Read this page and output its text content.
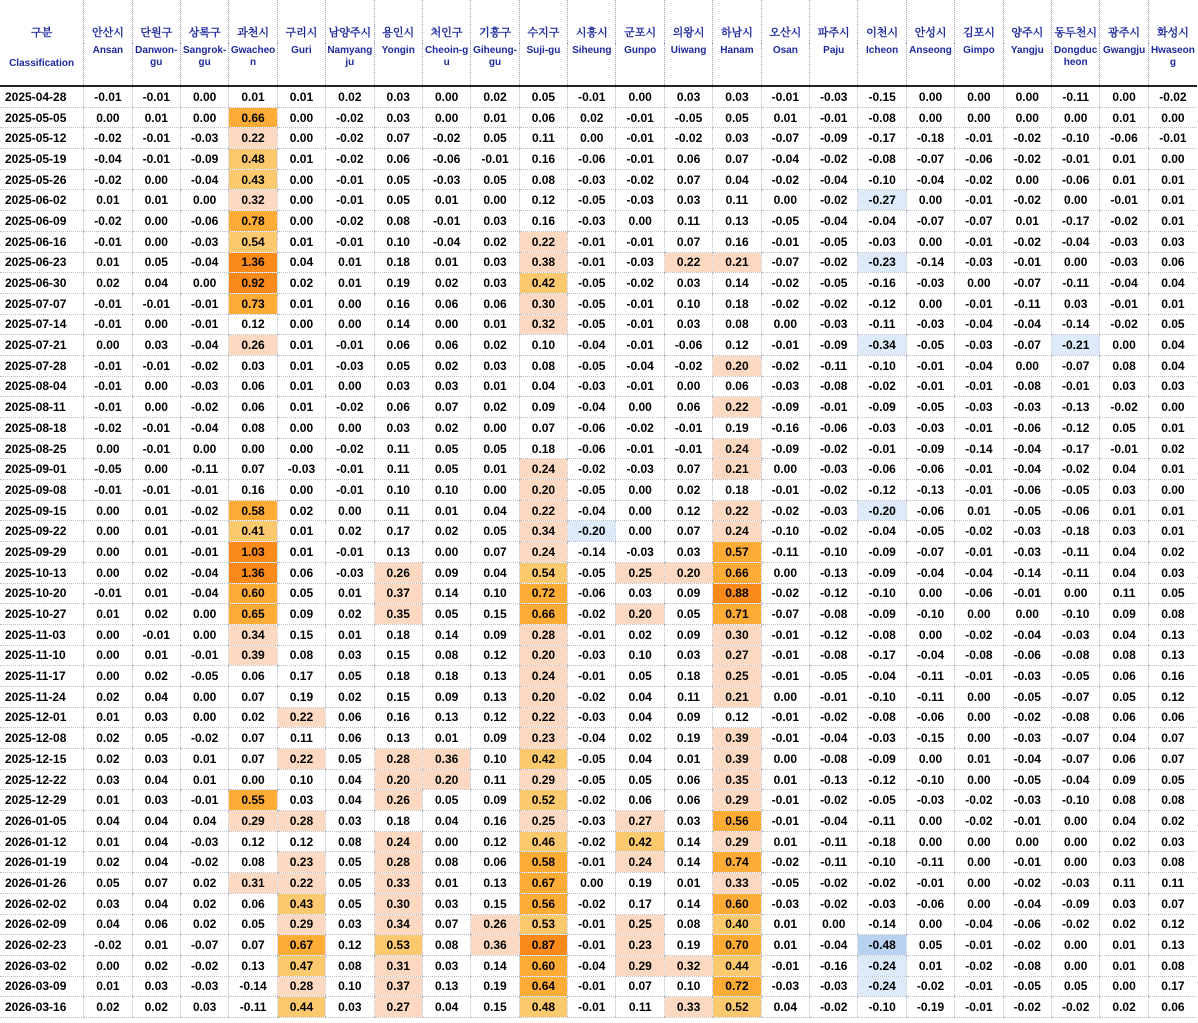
구분	안산시	단원구	상록구	과천시	구리시	남양주시	용인시	처인구	기흥구	수지구	시흥시	군포시	의왕시	하남시	오산시	파주시	이천시	안성시	김포시	양주시	동두천시	광주시	화성시
Classification	Ansan	Danwon-gu	Sangrok-gu	Gwacheon	Guri	Namyangju	Yongin	Cheoin-gu	Giheung-gu	Suji-gu	Siheung	Gunpo	Uiwang	Hanam	Osan	Paju	Icheon	Anseong	Gimpo	Yangju	Dongducheon	Gwangju	Hwaseong
2025-04-28	-0.01	-0.01	0.00	0.01	0.01	0.02	0.03	0.00	0.02	0.05	-0.01	0.00	0.03	0.03	-0.01	-0.03	-0.15	0.00	0.00	0.00	-0.11	0.00	-0.02
2025-05-05	0.00	0.01	0.00	0.66	0.00	-0.02	0.03	0.00	0.01	0.06	0.02	-0.01	-0.05	0.05	0.01	-0.01	-0.08	0.00	0.00	0.00	0.00	0.01	0.00
2025-05-12	-0.02	-0.01	-0.03	0.22	0.00	-0.02	0.07	-0.02	0.05	0.11	0.00	-0.01	-0.02	0.03	-0.07	-0.09	-0.17	-0.18	-0.01	-0.02	-0.10	-0.06	-0.01
2025-05-19	-0.04	-0.01	-0.09	0.48	0.01	-0.02	0.06	-0.06	-0.01	0.16	-0.06	-0.01	0.06	0.07	-0.04	-0.02	-0.08	-0.07	-0.06	-0.02	-0.01	0.01	0.00
2025-05-26	-0.02	0.00	-0.04	0.43	0.00	-0.01	0.05	-0.03	0.05	0.08	-0.03	-0.02	0.07	0.04	-0.02	-0.04	-0.10	-0.04	-0.02	0.00	-0.06	0.01	0.01
2025-06-02	0.01	0.01	0.00	0.32	0.00	-0.01	0.05	0.01	0.00	0.12	-0.05	-0.03	0.03	0.11	0.00	-0.02	-0.27	0.00	-0.01	-0.02	0.00	-0.01	0.01
2025-06-09	-0.02	0.00	-0.06	0.78	0.00	-0.02	0.08	-0.01	0.03	0.16	-0.03	0.00	0.11	0.13	-0.05	-0.04	-0.04	-0.07	-0.07	0.01	-0.17	-0.02	0.01
2025-06-16	-0.01	0.00	-0.03	0.54	0.01	-0.01	0.10	-0.04	0.02	0.22	-0.01	-0.01	0.07	0.16	-0.01	-0.05	-0.03	0.00	-0.01	-0.02	-0.04	-0.03	0.03
2025-06-23	0.01	0.05	-0.04	1.36	0.04	0.01	0.18	0.01	0.03	0.38	-0.01	-0.03	0.22	0.21	-0.07	-0.02	-0.23	-0.14	-0.03	-0.01	0.00	-0.03	0.06
2025-06-30	0.02	0.04	0.00	0.92	0.02	0.01	0.19	0.02	0.03	0.42	-0.05	-0.02	0.03	0.14	-0.02	-0.05	-0.16	-0.03	0.00	-0.07	-0.11	-0.04	0.04
2025-07-07	-0.01	-0.01	-0.01	0.73	0.01	0.00	0.16	0.06	0.06	0.30	-0.05	-0.01	0.10	0.18	-0.02	-0.02	-0.12	0.00	-0.01	-0.11	0.03	-0.01	0.01
2025-07-14	-0.01	0.00	-0.01	0.12	0.00	0.00	0.14	0.00	0.01	0.32	-0.05	-0.01	0.03	0.08	0.00	-0.03	-0.11	-0.03	-0.04	-0.04	-0.14	-0.02	0.05
2025-07-21	0.00	0.03	-0.04	0.26	0.01	-0.01	0.06	0.06	0.02	0.10	-0.04	-0.01	-0.06	0.12	-0.01	-0.09	-0.34	-0.05	-0.03	-0.07	-0.21	0.00	0.04
2025-07-28	-0.01	-0.01	-0.02	0.03	0.01	-0.03	0.05	0.02	0.03	0.08	-0.05	-0.04	-0.02	0.20	-0.02	-0.11	-0.10	-0.01	-0.04	0.00	-0.07	0.08	0.04
2025-08-04	-0.01	0.00	-0.03	0.06	0.01	0.00	0.03	0.03	0.01	0.04	-0.03	-0.01	0.00	0.06	-0.03	-0.08	-0.02	-0.01	-0.01	-0.08	-0.01	0.03	0.03
2025-08-11	-0.01	0.00	-0.02	0.06	0.01	-0.02	0.06	0.07	0.02	0.09	-0.04	0.00	0.06	0.22	-0.09	-0.01	-0.09	-0.05	-0.03	-0.03	-0.13	-0.02	0.00
2025-08-18	-0.02	-0.01	-0.04	0.08	0.00	0.00	0.03	0.02	0.00	0.07	-0.06	-0.02	-0.01	0.19	-0.16	-0.06	-0.03	-0.03	-0.01	-0.06	-0.12	0.05	0.01
2025-08-25	0.00	-0.01	0.00	0.00	0.00	-0.02	0.11	0.05	0.05	0.18	-0.06	-0.01	-0.01	0.24	-0.09	-0.02	-0.01	-0.09	-0.14	-0.04	-0.17	-0.01	0.02
2025-09-01	-0.05	0.00	-0.11	0.07	-0.03	-0.01	0.11	0.05	0.01	0.24	-0.02	-0.03	0.07	0.21	0.00	-0.03	-0.06	-0.06	-0.01	-0.04	-0.02	0.04	0.01
2025-09-08	-0.01	-0.01	-0.01	0.16	0.00	-0.01	0.10	0.10	0.00	0.20	-0.05	0.00	0.02	0.18	-0.01	-0.02	-0.12	-0.13	-0.01	-0.06	-0.05	0.03	0.00
2025-09-15	0.00	0.01	-0.02	0.58	0.02	0.00	0.11	0.01	0.04	0.22	-0.04	0.00	0.12	0.22	-0.02	-0.03	-0.20	-0.06	0.01	-0.05	-0.06	0.01	0.01
2025-09-22	0.00	0.01	-0.01	0.41	0.01	0.02	0.17	0.02	0.05	0.34	-0.20	0.00	0.07	0.24	-0.10	-0.02	-0.04	-0.05	-0.02	-0.03	-0.18	0.03	0.01
2025-09-29	0.00	0.01	-0.01	1.03	0.01	-0.01	0.13	0.00	0.07	0.24	-0.14	-0.03	0.03	0.57	-0.11	-0.10	-0.09	-0.07	-0.01	-0.03	-0.11	0.04	0.02
2025-10-13	0.00	0.02	-0.04	1.36	0.06	-0.03	0.26	0.09	0.04	0.54	-0.05	0.25	0.20	0.66	0.00	-0.13	-0.09	-0.04	-0.04	-0.14	-0.11	0.04	0.03
2025-10-20	-0.01	0.01	-0.04	0.60	0.05	0.01	0.37	0.14	0.10	0.72	-0.06	0.03	0.09	0.88	-0.02	-0.12	-0.10	0.00	-0.06	-0.01	0.00	0.11	0.05
2025-10-27	0.01	0.02	0.00	0.65	0.09	0.02	0.35	0.05	0.15	0.66	-0.02	0.20	0.05	0.71	-0.07	-0.08	-0.09	-0.10	0.00	0.00	-0.10	0.09	0.08
2025-11-03	0.00	-0.01	0.00	0.34	0.15	0.01	0.18	0.14	0.09	0.28	-0.01	0.02	0.09	0.30	-0.01	-0.12	-0.08	0.00	-0.02	-0.04	-0.03	0.04	0.13
2025-11-10	0.00	0.01	-0.01	0.39	0.08	0.03	0.15	0.08	0.12	0.20	-0.03	0.10	0.03	0.27	-0.01	-0.08	-0.17	-0.04	-0.08	-0.06	-0.08	0.08	0.13
2025-11-17	0.00	0.02	-0.05	0.06	0.17	0.05	0.18	0.18	0.13	0.24	-0.01	0.05	0.18	0.25	-0.01	-0.05	-0.04	-0.11	-0.01	-0.03	-0.05	0.06	0.16
2025-11-24	0.02	0.04	0.00	0.07	0.19	0.02	0.15	0.09	0.13	0.20	-0.02	0.04	0.11	0.21	0.00	-0.01	-0.10	-0.11	0.00	-0.05	-0.07	0.05	0.12
2025-12-01	0.01	0.03	0.00	0.02	0.22	0.06	0.16	0.13	0.12	0.22	-0.03	0.04	0.09	0.12	-0.01	-0.02	-0.08	-0.06	0.00	-0.02	-0.08	0.06	0.06
2025-12-08	0.02	0.05	-0.02	0.07	0.11	0.06	0.13	0.01	0.09	0.23	-0.04	0.02	0.19	0.39	-0.01	-0.04	-0.03	-0.15	0.00	-0.03	-0.07	0.04	0.07
2025-12-15	0.02	0.03	0.01	0.07	0.22	0.05	0.28	0.36	0.10	0.42	-0.05	0.04	0.01	0.39	0.00	-0.08	-0.09	0.00	0.01	-0.04	-0.07	0.06	0.07
2025-12-22	0.03	0.04	0.01	0.00	0.10	0.04	0.20	0.20	0.11	0.29	-0.05	0.05	0.06	0.35	0.01	-0.13	-0.12	-0.10	0.00	-0.05	-0.04	0.09	0.05
2025-12-29	0.01	0.03	-0.01	0.55	0.03	0.04	0.26	0.05	0.09	0.52	-0.02	0.06	0.06	0.29	-0.01	-0.02	-0.05	-0.03	-0.02	-0.03	-0.10	0.08	0.08
2026-01-05	0.04	0.04	0.04	0.29	0.28	0.03	0.18	0.04	0.16	0.25	-0.03	0.27	0.03	0.56	-0.01	-0.04	-0.11	0.00	-0.02	-0.01	0.00	0.04	0.02
2026-01-12	0.01	0.04	-0.03	0.12	0.12	0.08	0.24	0.00	0.12	0.46	-0.02	0.42	0.14	0.29	0.01	-0.11	-0.18	0.00	0.00	0.00	0.00	0.02	0.03
2026-01-19	0.02	0.04	-0.02	0.08	0.23	0.05	0.28	0.08	0.06	0.58	-0.01	0.24	0.14	0.74	-0.02	-0.11	-0.10	-0.11	0.00	-0.01	0.00	0.03	0.08
2026-01-26	0.05	0.07	0.02	0.31	0.22	0.05	0.33	0.01	0.13	0.67	0.00	0.19	0.01	0.33	-0.05	-0.02	-0.02	-0.01	0.00	-0.02	-0.03	0.11	0.11
2026-02-02	0.03	0.04	0.02	0.06	0.43	0.05	0.30	0.03	0.15	0.56	-0.02	0.17	0.14	0.60	-0.03	-0.02	-0.03	-0.06	0.00	-0.04	-0.09	0.03	0.07
2026-02-09	0.04	0.06	0.02	0.05	0.29	0.03	0.34	0.07	0.26	0.53	-0.01	0.25	0.08	0.40	0.01	0.00	-0.14	0.00	-0.04	-0.06	-0.02	0.02	0.12
2026-02-23	-0.02	0.01	-0.07	0.07	0.67	0.12	0.53	0.08	0.36	0.87	-0.01	0.23	0.19	0.70	0.01	-0.04	-0.48	0.05	-0.01	-0.02	0.00	0.01	0.13
2026-03-02	0.00	0.02	-0.02	0.13	0.47	0.08	0.31	0.03	0.14	0.60	-0.04	0.29	0.32	0.44	-0.01	-0.16	-0.24	0.01	-0.02	-0.08	0.00	0.01	0.08
2026-03-09	0.01	0.03	-0.03	-0.14	0.28	0.10	0.37	0.13	0.19	0.64	-0.01	0.07	0.10	0.72	-0.03	-0.03	-0.24	-0.02	-0.01	-0.05	0.05	0.00	0.17
2026-03-16	0.02	0.02	0.03	-0.11	0.44	0.03	0.27	0.04	0.15	0.48	-0.01	0.11	0.33	0.52	0.04	-0.02	-0.10	-0.19	-0.01	-0.02	-0.02	0.02	0.06
